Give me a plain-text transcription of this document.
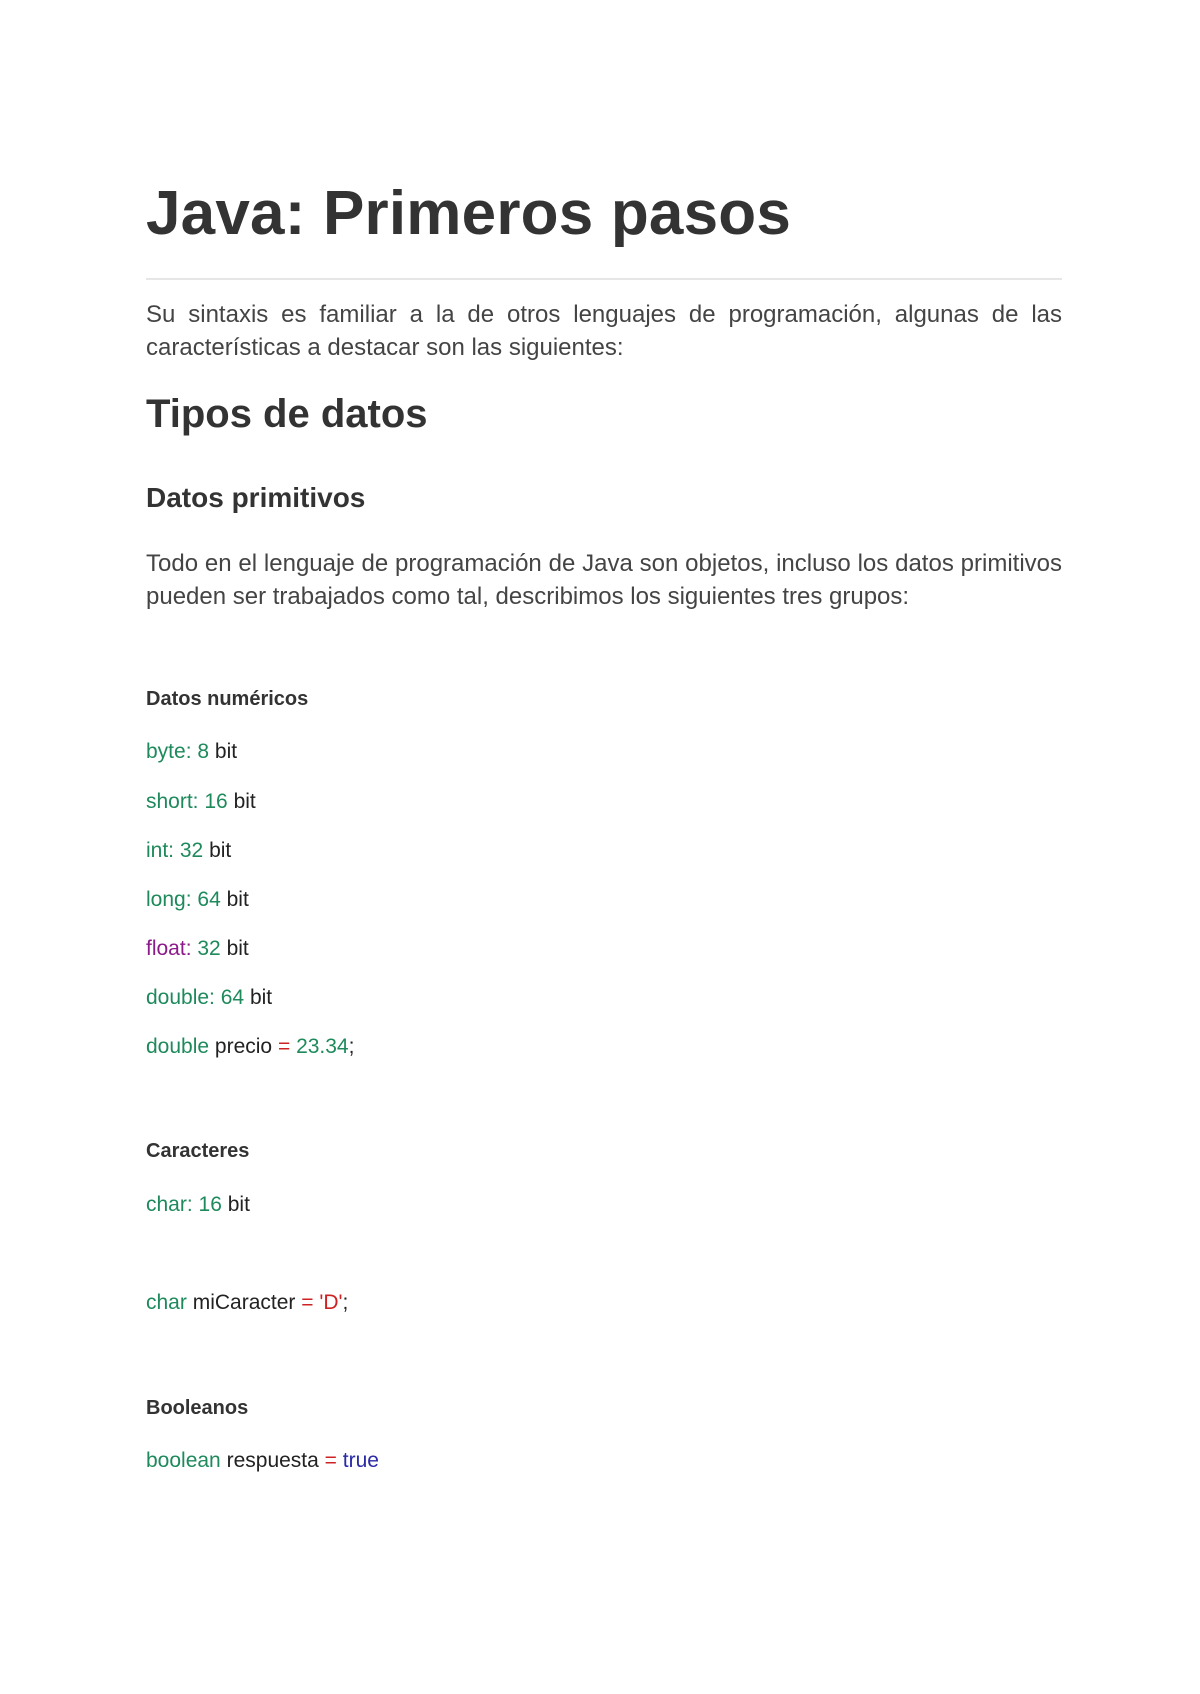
Java: Primeros pasos

Su sintaxis es familiar a la de otros lenguajes de programación, algunas de las características a destacar son las siguientes:

Tipos de datos
Datos primitivos

Todo en el lenguaje de programación de Java son objetos, incluso los datos primitivos pueden ser trabajados como tal, describimos los siguientes tres grupos:

Datos numéricos
byte: 8 bit
short: 16 bit
int: 32 bit
long: 64 bit
float: 32 bit
double: 64 bit
double precio = 23.34;
Caracteres
char: 16 bit
char miCaracter = 'D';
Booleanos
boolean respuesta = true
